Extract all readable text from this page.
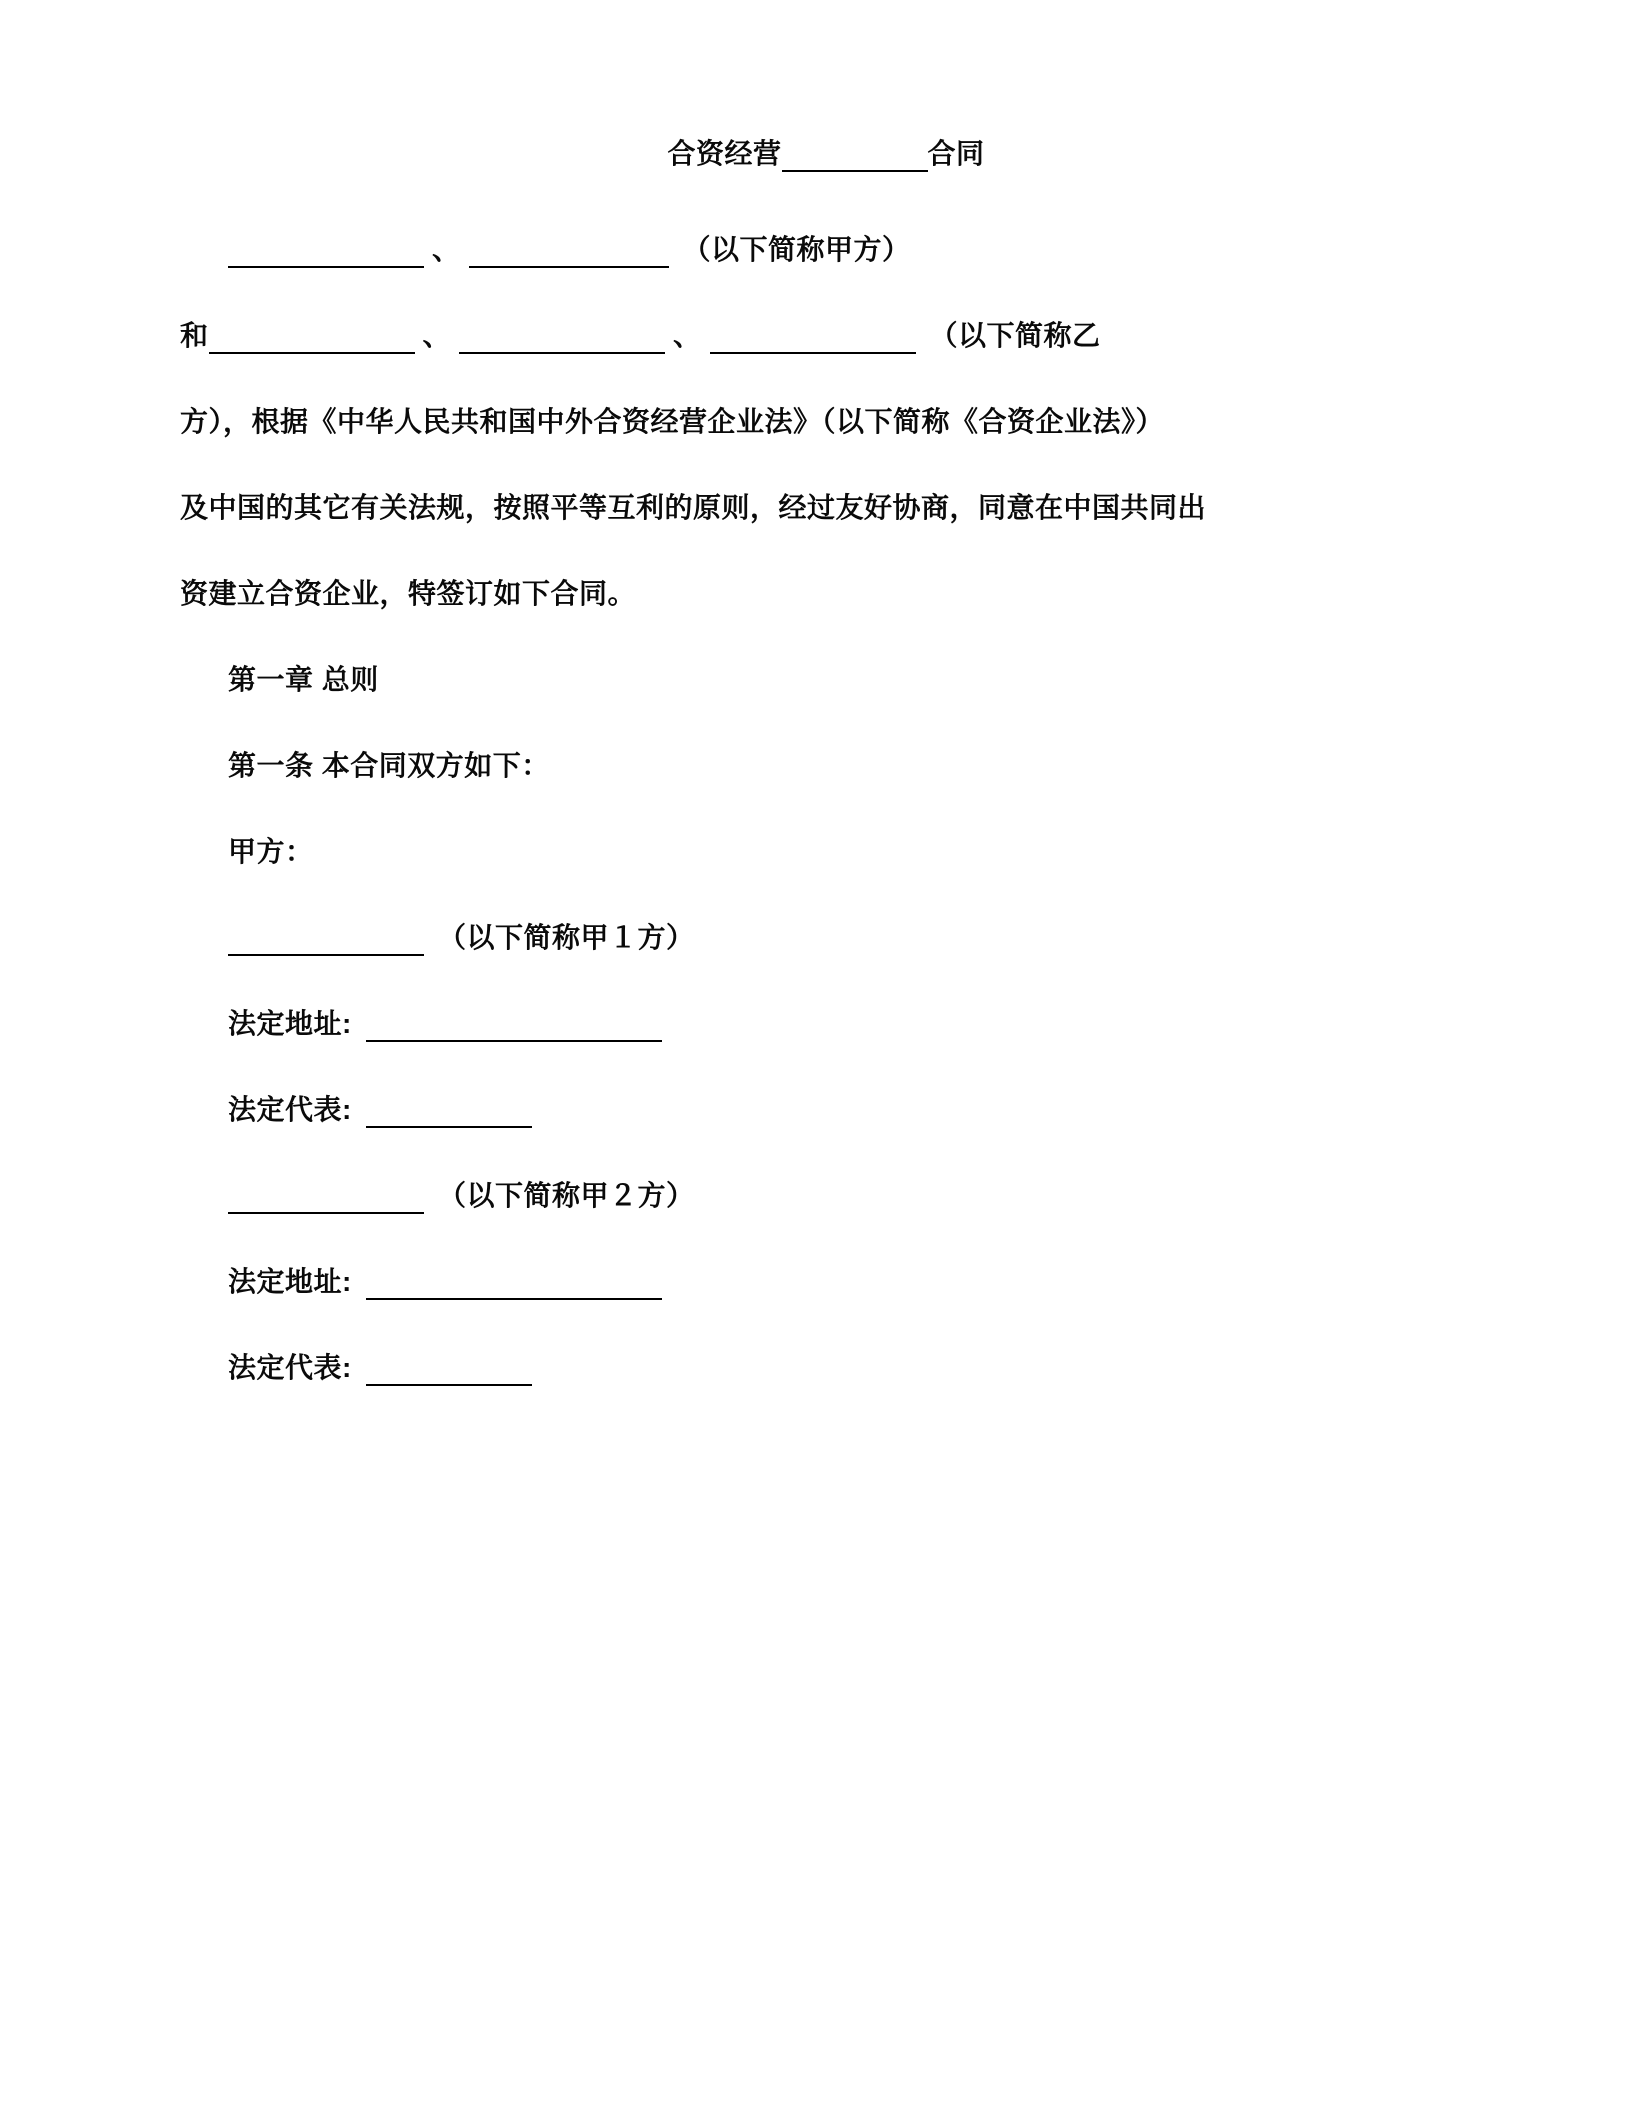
合资经营	合同
、	（以下简称甲方）
和	、	、	（以下简称乙
方），根据《中华人民共和国中外合资经营企业法》（以下简称《合资企业法》）
及中国的其它有关法规，按照平等互利的原则，经过友好协商，同意在中国共同出
资建立合资企业，特签订如下合同。
第一章 总则
第一条 本合同双方如下：
甲方：
（以下简称甲１方）
法定地址:
法定代表:
（以下简称甲２方）
法定地址:
法定代表:
